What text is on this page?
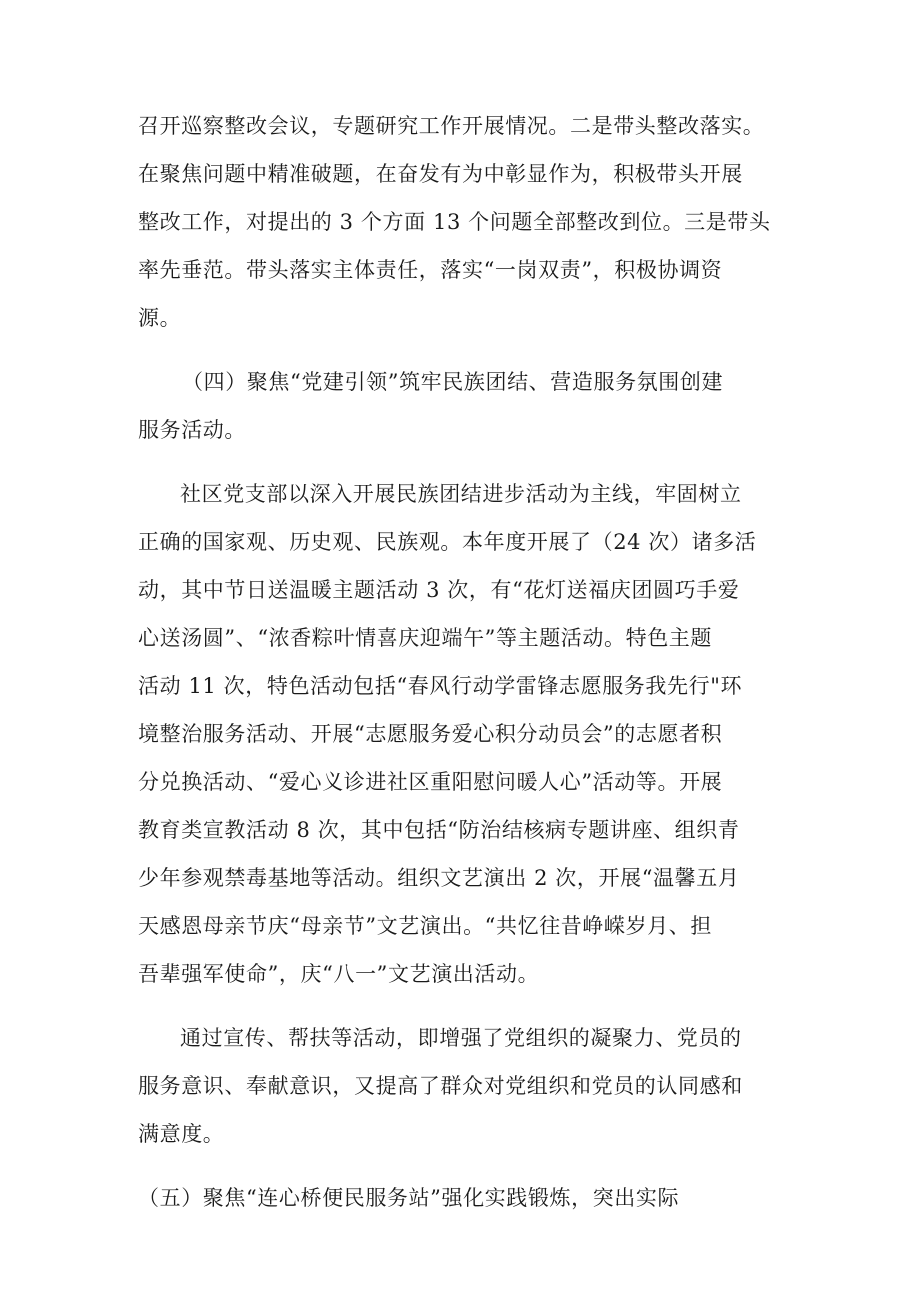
召开巡察整改会议，专题研究工作开展情况。二是带头整改落实。
在聚焦问题中精准破题，在奋发有为中彰显作为，积极带头开展
整改工作，对提出的 3 个方面 13 个问题全部整改到位。三是带头
率先垂范。带头落实主体责任，落实“一岗双责”，积极协调资
源。
（四）聚焦“党建引领”筑牢民族团结、营造服务氛围创建
服务活动。
社区党支部以深入开展民族团结进步活动为主线，牢固树立
正确的国家观、历史观、民族观。本年度开展了（24 次）诸多活
动，其中节日送温暖主题活动 3 次，有“花灯送福庆团圆巧手爱
心送汤圆”、“浓香粽叶情喜庆迎端午”等主题活动。特色主题
活动 11 次，特色活动包括“春风行动学雷锋志愿服务我先行"环
境整治服务活动、开展“志愿服务爱心积分动员会”的志愿者积
分兑换活动、“爱心义诊进社区重阳慰问暖人心”活动等。开展
教育类宣教活动 8 次，其中包括“防治结核病专题讲座、组织青
少年参观禁毒基地等活动。组织文艺演出 2 次，开展“温馨五月
天感恩母亲节庆“母亲节”文艺演出。“共忆往昔峥嵘岁月、担
吾辈强军使命”，庆“八一”文艺演出活动。
通过宣传、帮扶等活动，即增强了党组织的凝聚力、党员的
服务意识、奉献意识，又提高了群众对党组织和党员的认同感和
满意度。
（五）聚焦“连心桥便民服务站”强化实践锻炼，突出实际
